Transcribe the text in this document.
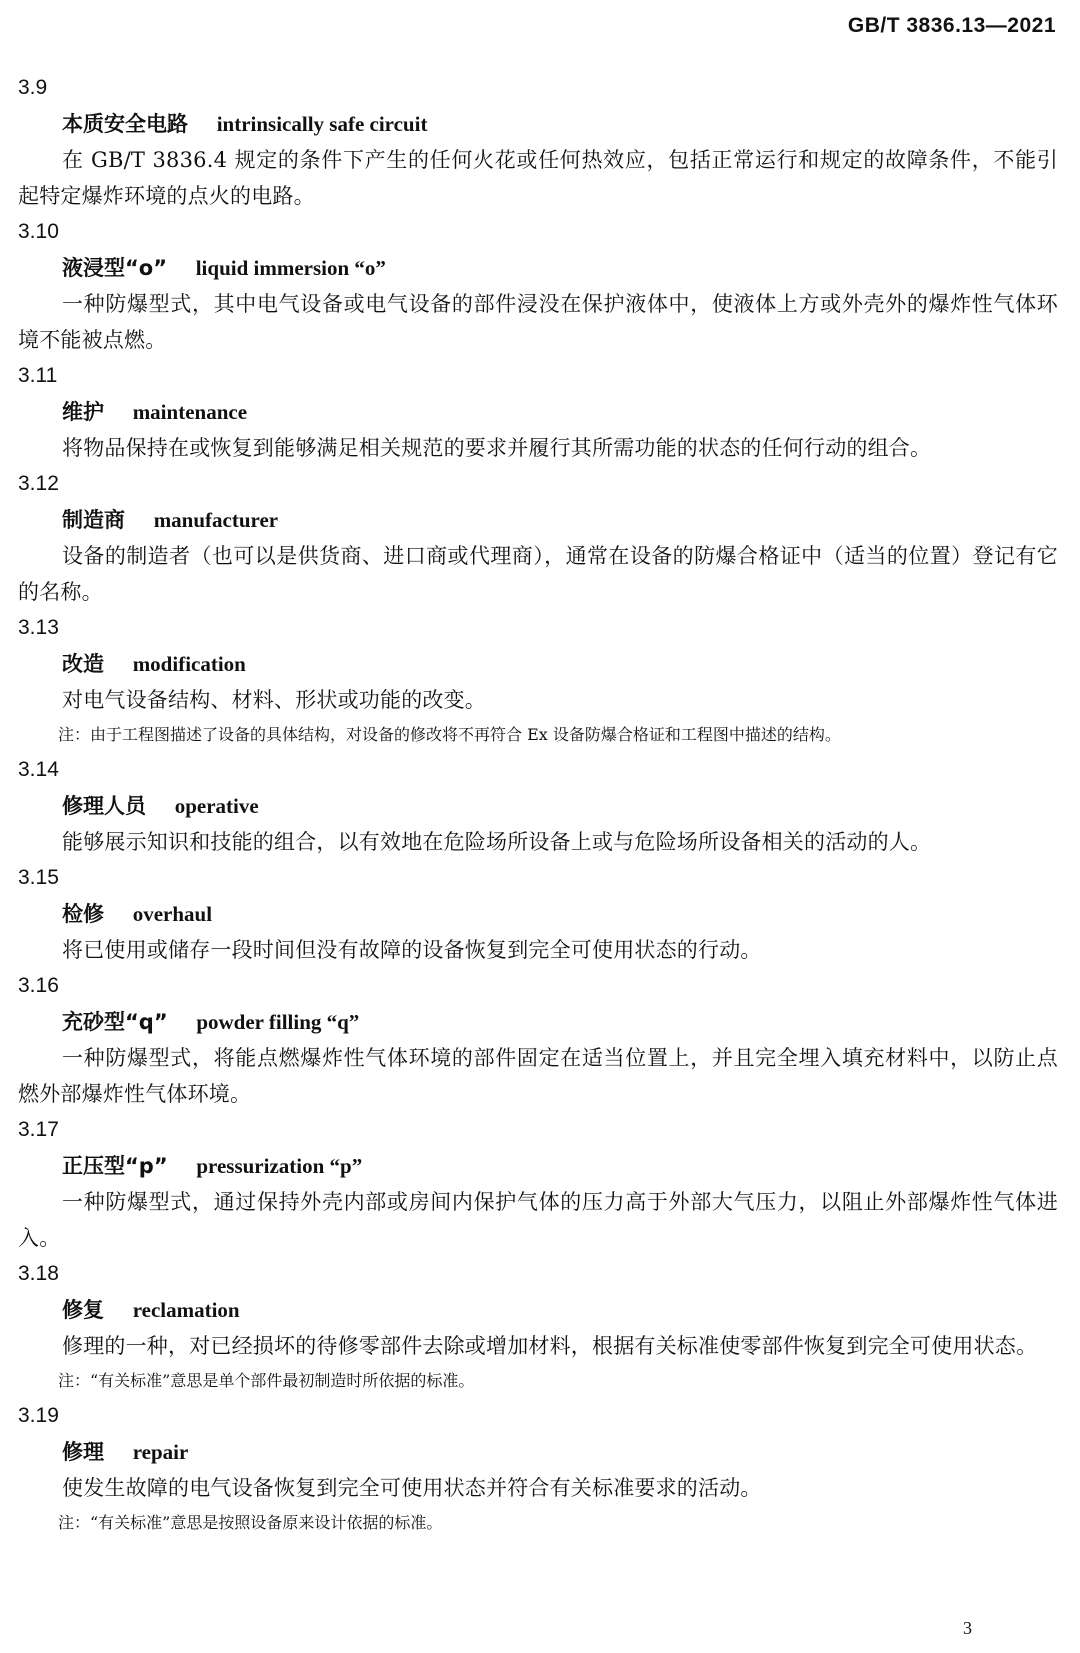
GB/T 3836.13—2021
3.9
本质安全电路 intrinsically safe circuit
在 GB/T 3836.4 规定的条件下产生的任何火花或任何热效应，包括正常运行和规定的故障条件，不能引起特定爆炸环境的点火的电路。
3.10
液浸型“o” liquid immersion “o”
一种防爆型式，其中电气设备或电气设备的部件浸没在保护液体中，使液体上方或外壳外的爆炸性气体环境不能被点燃。
3.11
维护 maintenance
将物品保持在或恢复到能够满足相关规范的要求并履行其所需功能的状态的任何行动的组合。
3.12
制造商 manufacturer
设备的制造者（也可以是供货商、进口商或代理商），通常在设备的防爆合格证中（适当的位置）登记有它的名称。
3.13
改造 modification
对电气设备结构、材料、形状或功能的改变。
注：由于工程图描述了设备的具体结构，对设备的修改将不再符合 Ex 设备防爆合格证和工程图中描述的结构。
3.14
修理人员 operative
能够展示知识和技能的组合，以有效地在危险场所设备上或与危险场所设备相关的活动的人。
3.15
检修 overhaul
将已使用或储存一段时间但没有故障的设备恢复到完全可使用状态的行动。
3.16
充砂型“q” powder filling “q”
一种防爆型式，将能点燃爆炸性气体环境的部件固定在适当位置上，并且完全埋入填充材料中，以防止点燃外部爆炸性气体环境。
3.17
正压型“p” pressurization “p”
一种防爆型式，通过保持外壳内部或房间内保护气体的压力高于外部大气压力，以阻止外部爆炸性气体进入。
3.18
修复 reclamation
修理的一种，对已经损坏的待修零部件去除或增加材料，根据有关标准使零部件恢复到完全可使用状态。
注：“有关标准”意思是单个部件最初制造时所依据的标准。
3.19
修理 repair
使发生故障的电气设备恢复到完全可使用状态并符合有关标准要求的活动。
注：“有关标准”意思是按照设备原来设计依据的标准。
3
